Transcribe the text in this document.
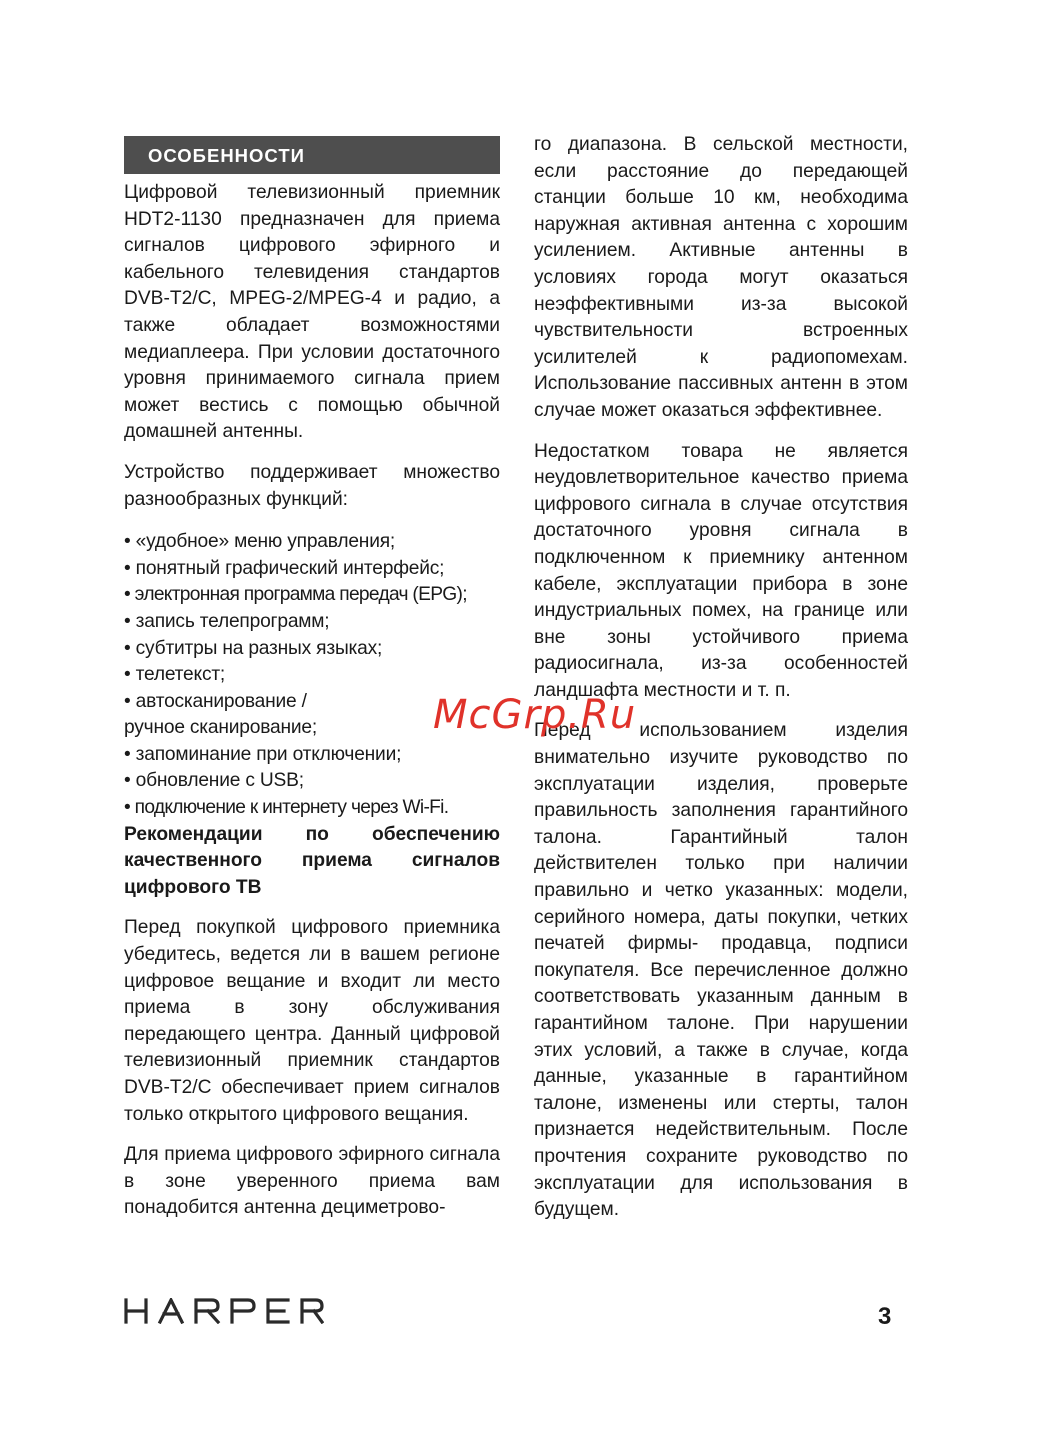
ОСОБЕННОСТИ

Цифровой телевизионный приемник HDT2-1130 предназначен для приема сигналов цифрового эфирного и кабельного телевидения стандартов DVB-T2/C, MPEG-2/MPEG-4 и радио, а также обладает возможностями медиаплеера. При условии достаточного уровня принимаемого сигнала прием может вестись с помощью обычной домашней антенны.

Устройство поддерживает множество разнообразных функций:

• «удобное» меню управления;
• понятный графический интерфейс;
• электронная программа передач (EPG);
• запись телепрограмм;
• субтитры на разных языках;
• телетекст;
• автосканирование /
ручное сканирование;
• запоминание при отключении;
• обновление с USB;
• подключение к интернету через Wi-Fi.

Рекомендации по обеспечению качественного приема сигналов цифрового ТВ

Перед покупкой цифрового приемника убедитесь, ведется ли в вашем регионе цифровое вещание и входит ли место приема в зону обслуживания передающего центра. Данный цифровой телевизионный приемник стандартов DVB-T2/C обеспечивает прием сигналов только открытого цифрового вещания.

Для приема цифрового эфирного сигнала в зоне уверенного приема вам понадобится антенна дециметрово-

го диапазона. В сельской местности, если расстояние до передающей станции больше 10 км, необходима наружная активная антенна с хорошим усилением. Активные антенны в условиях города могут оказаться неэффективными из-за высокой чувствительности встроенных усилителей к радиопомехам. Использование пассивных антенн в этом случае может оказаться эффективнее.

Недостатком товара не является неудовлетворительное качество приема цифрового сигнала в случае отсутствия достаточного уровня сигнала в подключенном к приемнику антенном кабеле, эксплуатации прибора в зоне индустриальных помех, на границе или вне зоны устойчивого приема радиосигнала, из-за особенностей ландшафта местности и т. п.

Перед использованием изделия внимательно изучите руководство по эксплуатации изделия, проверьте правильность заполнения гарантийного талона. Гарантийный талон действителен только при наличии правильно и четко указанных: модели, серийного номера, даты покупки, четких печатей фирмы- продавца, подписи покупателя. Все перечисленное должно соответствовать указанным данным в гарантийном талоне. При нарушении этих условий, а также в случае, когда данные, указанные в гарантийном талоне, изменены или стерты, талон признается недействительным. После прочтения сохраните руководство по эксплуатации для использования в будущем.

McGrp.Ru
3
